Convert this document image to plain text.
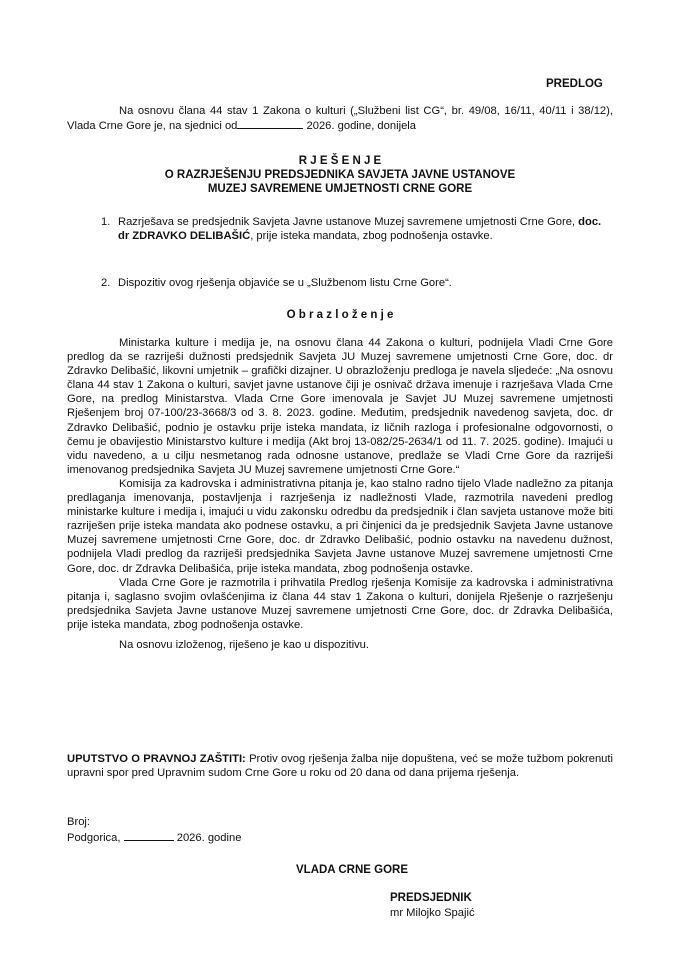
PREDLOG
Na osnovu člana 44 stav 1 Zakona o kulturi („Službeni list CG“, br. 49/08, 16/11, 40/11 i 38/12), Vlada Crne Gore je, na sjednici od	2026. godine, donijela
R J E Š E N J E
O RAZRJEŠENJU PREDSJEDNIKA SAVJETA JAVNE USTANOVE
MUZEJ SAVREMENE UMJETNOSTI CRNE GORE
1. Razrješava se predsjednik Savjeta Javne ustanove Muzej savremene umjetnosti Crne Gore, doc. dr ZDRAVKO DELIBAŠIĆ, prije isteka mandata, zbog podnošenja ostavke.
2. Dispozitiv ovog rješenja objaviće se u „Službenom listu Crne Gore“.
O b r a z l o ž e n j e

Ministarka kulture i medija je, na osnovu člana 44 Zakona o kulturi, podnijela Vladi Crne Gore predlog da se razriješi dužnosti predsjednik Savjeta JU Muzej savremene umjetnosti Crne Gore, doc. dr Zdravko Delibašić, likovni umjetnik – grafički dizajner. U obrazloženju predloga je navela sljedeće: „Na osnovu člana 44 stav 1 Zakona o kulturi, savjet javne ustanove čiji je osnivač država imenuje i razrješava Vlada Crne Gore, na predlog Ministarstva. Vlada Crne Gore imenovala je Savjet JU Muzej savremene umjetnosti Rješenjem broj 07-100/23-3668/3 od 3. 8. 2023. godine. Međutim, predsjednik navedenog savjeta, doc. dr Zdravko Delibašić, podnio je ostavku prije isteka mandata, iz ličnih razloga i profesionalne odgovornosti, o čemu je obavijestio Ministarstvo kulture i medija (Akt broj 13-082/25-2634/1 od 11. 7. 2025. godine). Imajući u vidu navedeno, a u cilju nesmetanog rada odnosne ustanove, predlaže se Vladi Crne Gore da razriješi imenovanog predsjednika Savjeta JU Muzej savremene umjetnosti Crne Gore.“

Komisija za kadrovska i administrativna pitanja je, kao stalno radno tijelo Vlade nadležno za pitanja predlaganja imenovanja, postavljenja i razrješenja iz nadležnosti Vlade, razmotrila navedeni predlog ministarke kulture i medija i, imajući u vidu zakonsku odredbu da predsjednik i član savjeta ustanove može biti razriješen prije isteka mandata ako podnese ostavku, a pri činjenici da je predsjednik Savjeta Javne ustanove Muzej savremene umjetnosti Crne Gore, doc. dr Zdravko Delibašić, podnio ostavku na navedenu dužnost, podnijela Vladi predlog da razriješi predsjednika Savjeta Javne ustanove Muzej savremene umjetnosti Crne Gore, doc. dr Zdravka Delibašića, prije isteka mandata, zbog podnošenja ostavke.

Vlada Crne Gore je razmotrila i prihvatila Predlog rješenja Komisije za kadrovska i administrativna pitanja i, saglasno svojim ovlašćenjima iz člana 44 stav 1 Zakona o kulturi, donijela Rješenje o razrješenju predsjednika Savjeta Javne ustanove Muzej savremene umjetnosti Crne Gore, doc. dr Zdravka Delibašića, prije isteka mandata, zbog podnošenja ostavke.

Na osnovu izloženog, riješeno je kao u dispozitivu.

UPUTSTVO O PRAVNOJ ZAŠTITI: Protiv ovog rješenja žalba nije dopuštena, već se može tužbom pokrenuti upravni spor pred Upravnim sudom Crne Gore u roku od 20 dana od dana prijema rješenja.
Broj:
Podgorica,	2026. godine
VLADA CRNE GORE
PREDSJEDNIK
mr Milojko Spajić
